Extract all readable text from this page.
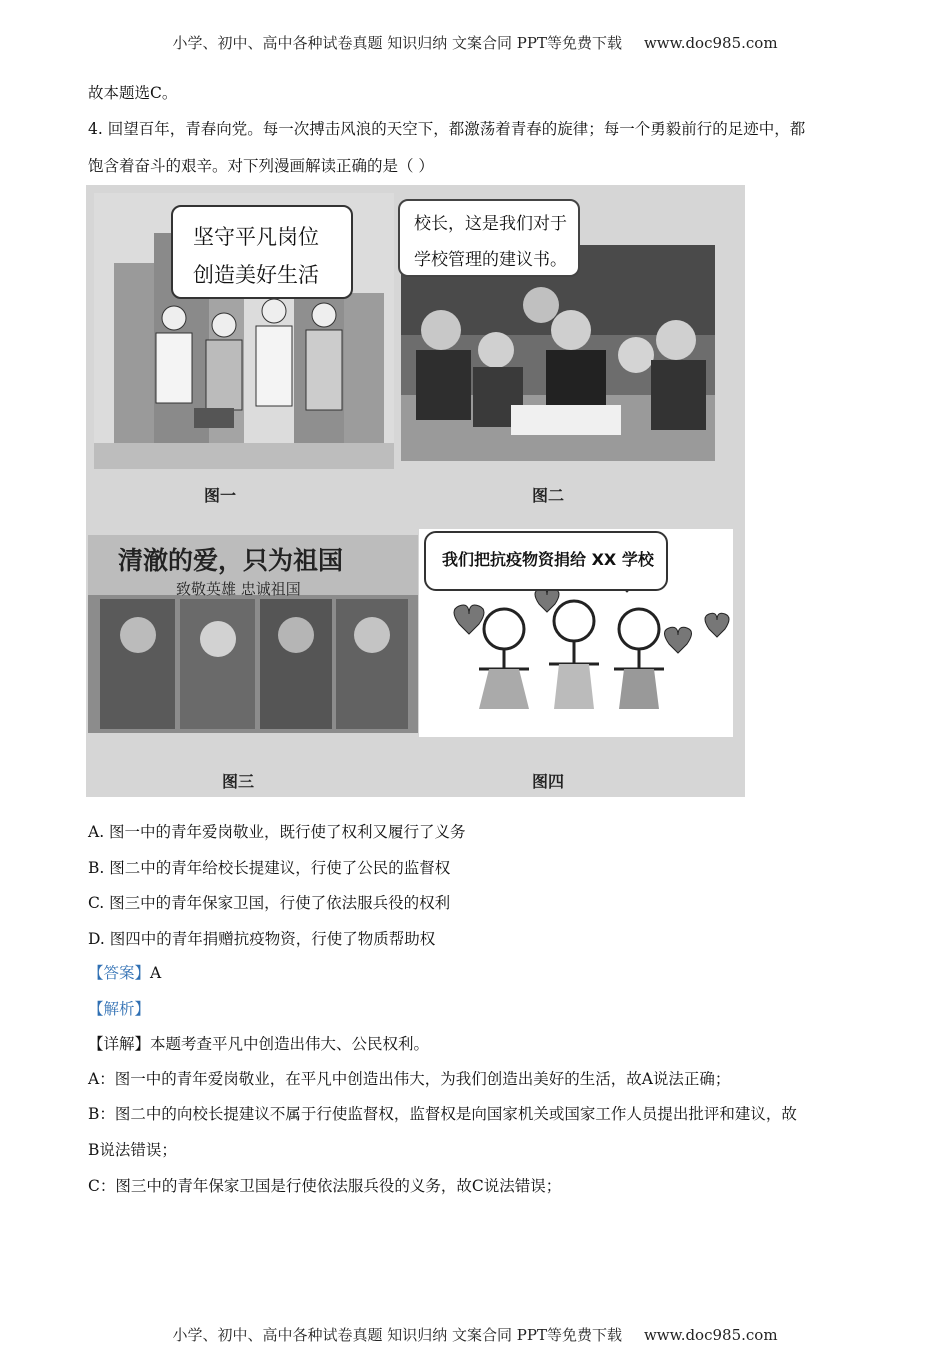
小学、初中、高中各种试卷真题 知识归纳 文案合同 PPT等免费下载 www.doc985.com
故本题选C。
4. 回望百年，青春向党。每一次搏击风浪的天空下，都激荡着青春的旋律；每一个勇毅前行的足迹中，都
饱含着奋斗的艰辛。对下列漫画解读正确的是（ ）
坚守平凡岗位
创造美好生活
图一
校长，这是我们对于
学校管理的建议书。
图二
清澈的爱，只为祖国
致敬英雄 忠诚祖国
图三
我们把抗疫物资捐给 XX 学校
图四
A. 图一中的青年爱岗敬业，既行使了权利又履行了义务
B. 图二中的青年给校长提建议，行使了公民的监督权
C. 图三中的青年保家卫国，行使了依法服兵役的权利
D. 图四中的青年捐赠抗疫物资，行使了物质帮助权
【答案】A
【解析】
【详解】本题考查平凡中创造出伟大、公民权利。
A：图一中的青年爱岗敬业，在平凡中创造出伟大，为我们创造出美好的生活，故A说法正确；
B：图二中的向校长提建议不属于行使监督权，监督权是向国家机关或国家工作人员提出批评和建议，故
B说法错误；
C：图三中的青年保家卫国是行使依法服兵役的义务，故C说法错误；
小学、初中、高中各种试卷真题 知识归纳 文案合同 PPT等免费下载 www.doc985.com
